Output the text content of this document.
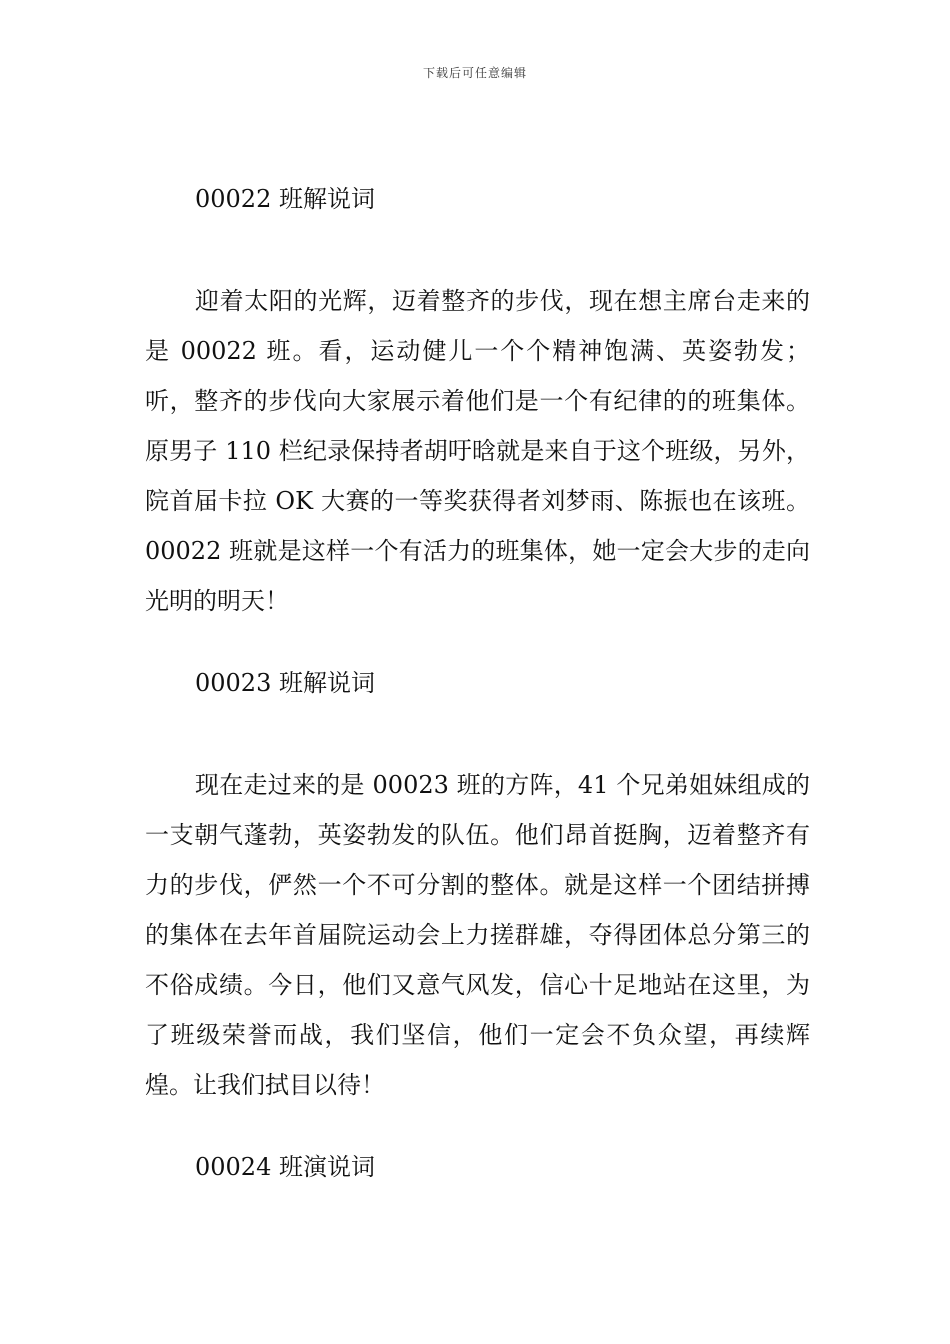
下载后可任意编辑
00022 班解说词

迎着太阳的光辉，迈着整齐的步伐，现在想主席台走来的是 00022 班。看，运动健儿一个个精神饱满、英姿勃发；听，整齐的步伐向大家展示着他们是一个有纪律的的班集体。原男子 110 栏纪录保持者胡吁晗就是来自于这个班级，另外，院首届卡拉 OK 大赛的一等奖获得者刘梦雨、陈振也在该班。00022 班就是这样一个有活力的班集体，她一定会大步的走向光明的明天！

00023 班解说词

现在走过来的是 00023 班的方阵，41 个兄弟姐妹组成的一支朝气蓬勃，英姿勃发的队伍。他们昂首挺胸，迈着整齐有力的步伐，俨然一个不可分割的整体。就是这样一个团结拼搏的集体在去年首届院运动会上力搓群雄，夺得团体总分第三的不俗成绩。今日，他们又意气风发，信心十足地站在这里，为了班级荣誉而战，我们坚信，他们一定会不负众望，再续辉煌。让我们拭目以待！

00024 班演说词
